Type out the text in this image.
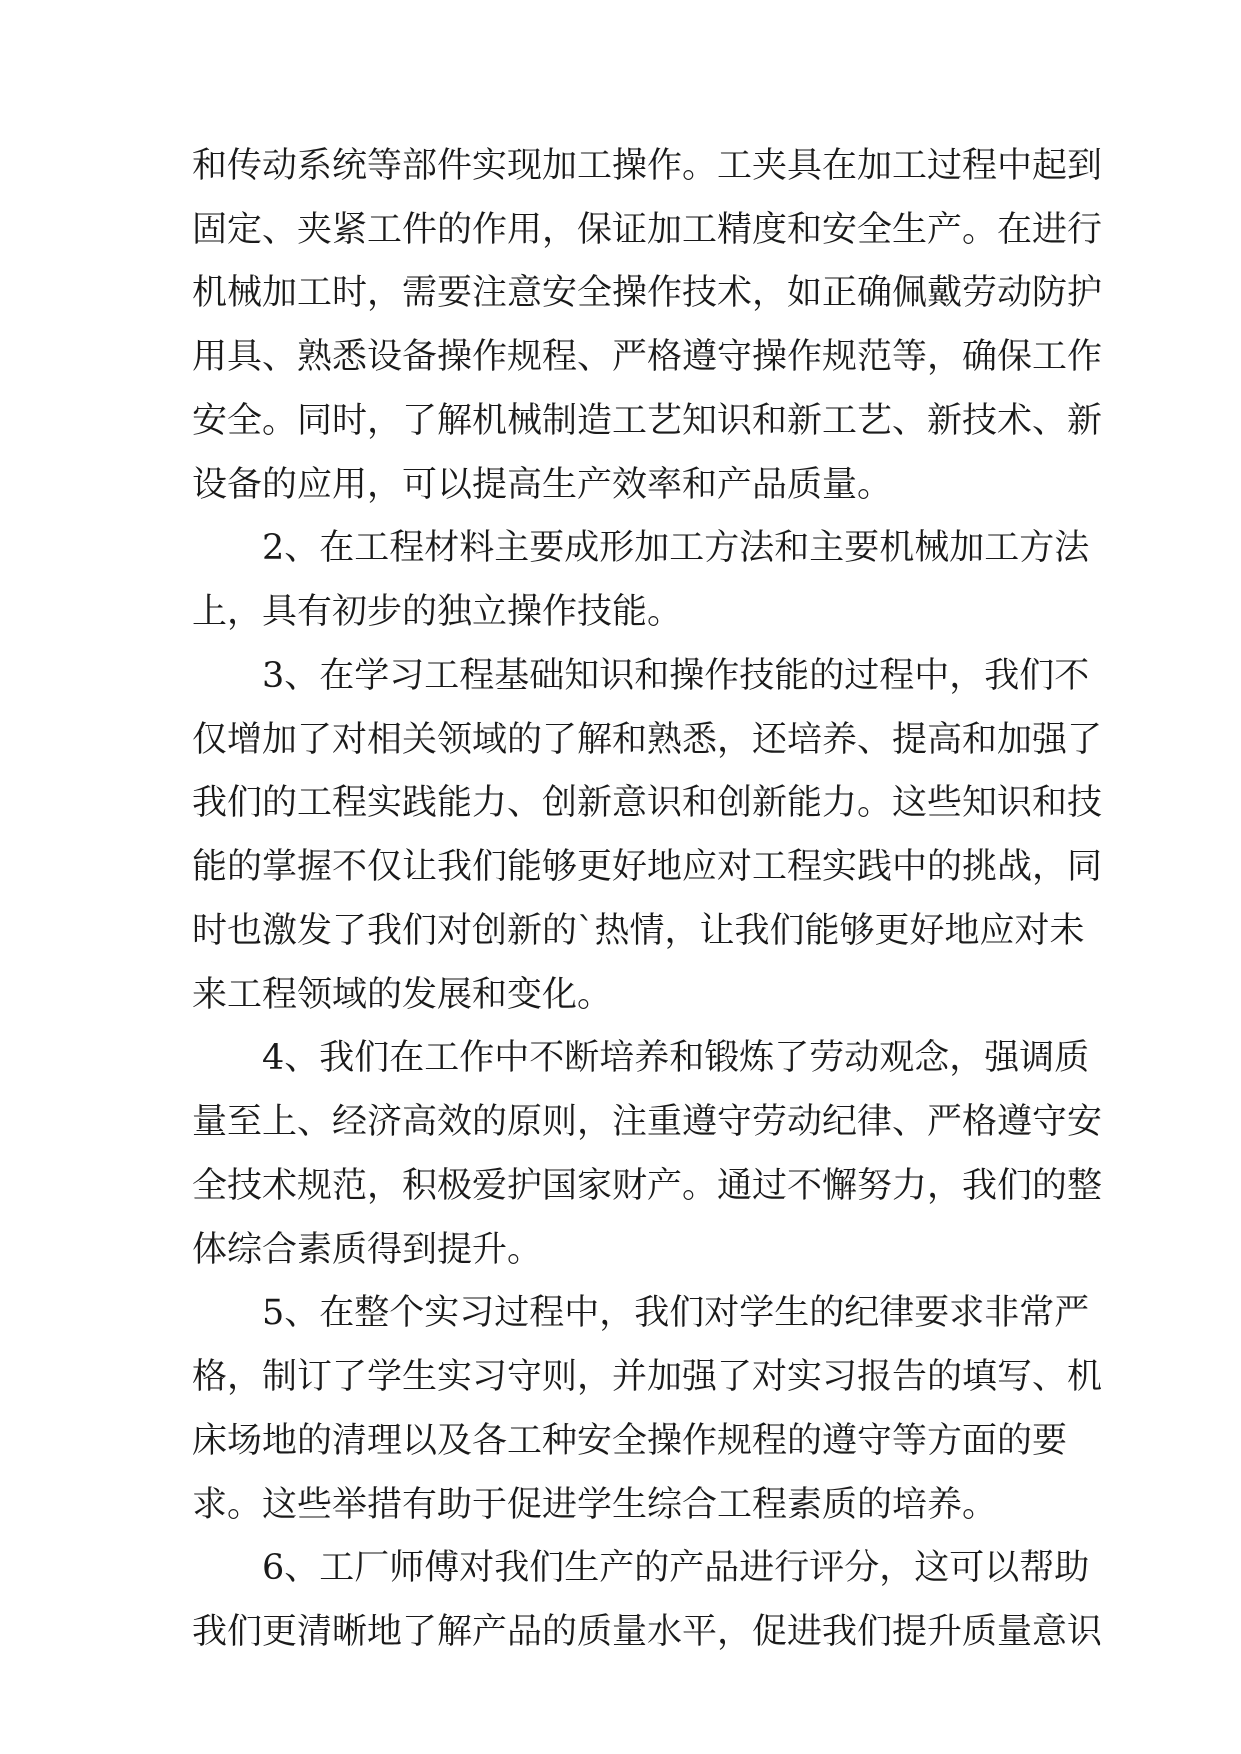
和传动系统等部件实现加工操作。工夹具在加工过程中起到
固定、夹紧工件的作用，保证加工精度和安全生产。在进行
机械加工时，需要注意安全操作技术，如正确佩戴劳动防护
用具、熟悉设备操作规程、严格遵守操作规范等，确保工作
安全。同时，了解机械制造工艺知识和新工艺、新技术、新
设备的应用，可以提高生产效率和产品质量。
　　2、在工程材料主要成形加工方法和主要机械加工方法
上，具有初步的独立操作技能。
　　3、在学习工程基础知识和操作技能的过程中，我们不
仅增加了对相关领域的了解和熟悉，还培养、提高和加强了
我们的工程实践能力、创新意识和创新能力。这些知识和技
能的掌握不仅让我们能够更好地应对工程实践中的挑战，同
时也激发了我们对创新的`热情，让我们能够更好地应对未
来工程领域的发展和变化。
　　4、我们在工作中不断培养和锻炼了劳动观念，强调质
量至上、经济高效的原则，注重遵守劳动纪律、严格遵守安
全技术规范，积极爱护国家财产。通过不懈努力，我们的整
体综合素质得到提升。
　　5、在整个实习过程中，我们对学生的纪律要求非常严
格，制订了学生实习守则，并加强了对实习报告的填写、机
床场地的清理以及各工种安全操作规程的遵守等方面的要
求。这些举措有助于促进学生综合工程素质的培养。
　　6、工厂师傅对我们生产的产品进行评分，这可以帮助
我们更清晰地了解产品的质量水平，促进我们提升质量意识
